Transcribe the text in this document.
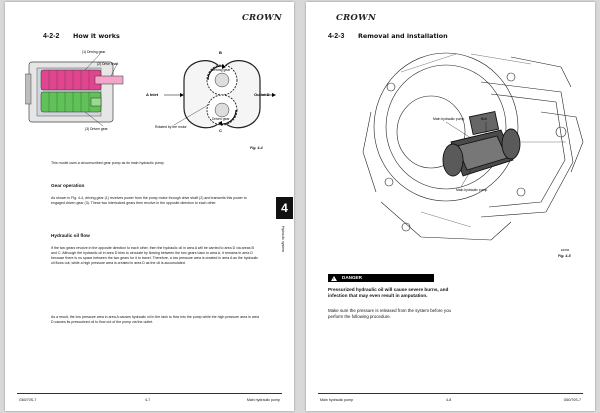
CROWN
4-2-2 How it works
(1) Driving gear
(2) Drive shaft
(3) Driven gear
B
Driving gear
A Inlet	Outlet D
C
Driven gear
Rotated by the motor
Fig. 4-4

This model uses a circumscribed gear pump as its main hydraulic pump.

Gear operation

As shown in Fig. 4-4, driving gear (1) receives power from the pump motor through drive shaft (2) and transmits this power to engaged driven gear (3). These two interlocked gears then revolve in the opposite direction to each other.

Hydraulic oil flow

If the two gears revolve in the opposite direction to each other, then the hydraulic oil in area A will be carried to area D via areas B and C. Although the hydraulic oil in area D tries to circulate by flowing between the two gears back to area A, it remains in area D because there is no space between the two gears for it to travel. Therefore, a low pressure area is created in area A as the hydraulic oil flows out, while a high pressure area is created in area D as the oil is accumulated.

As a result, the low pressure area in area A causes hydraulic oil in the tank to flow into the pump while the high pressure area in area D causes its pressurized oil to flow out of the pump via the outlet.

4
Hydraulic system
G60/70S-7	4-7	Main hydraulic pump
CROWN
4-2-3 Removal and installation
Main hydraulic pump	Bolt
Main hydraulic pump
EF066
Fig. 4-5
DANGER
!
Pressurized hydraulic oil will cause severe burns, and infection that may even result in amputation.
Make sure the pressure is released from the system before you perform the following procedure.
Main hydraulic pump	4-8	G60/70S-7
